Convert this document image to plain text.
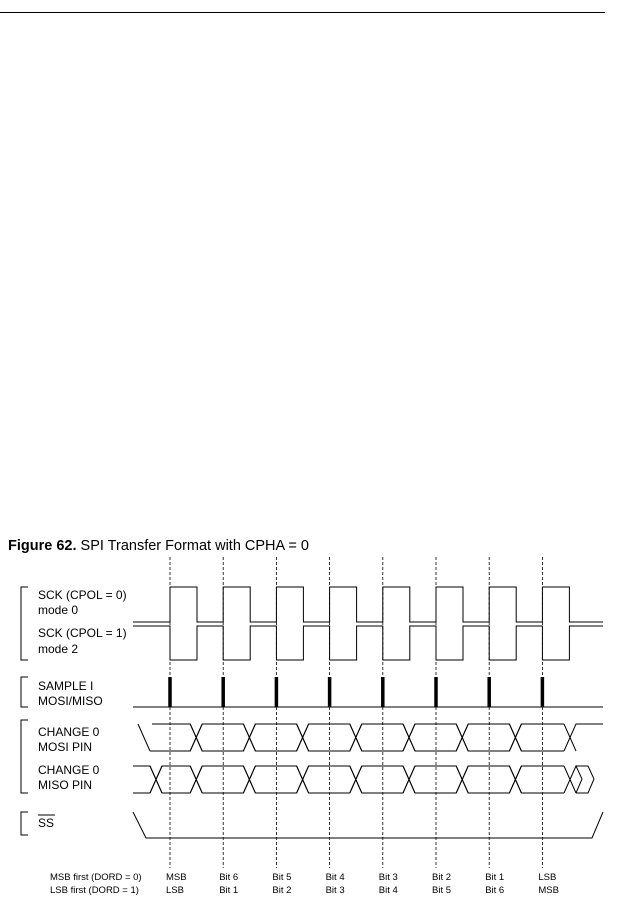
Figure 62. SPI Transfer Format with CPHA = 0
SCK (CPOL = 0)
mode 0
SCK (CPOL = 1)
mode 2
SAMPLE I
MOSI/MISO
CHANGE 0
MOSI PIN
CHANGE 0
MISO PIN
SS
MSB first (DORD = 0)
LSB first (DORD = 1)
MSB
LSB
Bit 6
Bit 1
Bit 5
Bit 2
Bit 4
Bit 3
Bit 3
Bit 4
Bit 2
Bit 5
Bit 1
Bit 6
LSB
MSB
